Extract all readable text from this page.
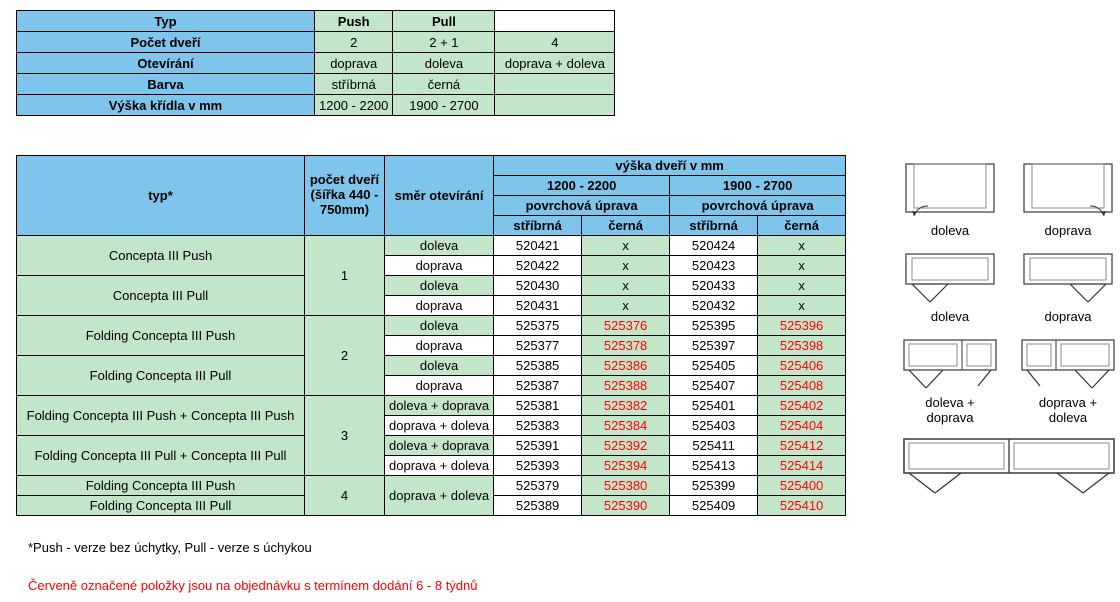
Typ	Push	Pull	
Počet dveří	2	2 + 1	4
Otevírání	doprava	doleva	doprava + doleva
Barva	stříbrná	černá	
Výška křídla v mm	1200 - 2200	1900 - 2700	
typ*	počet dveří (šířka 440 - 750mm)	směr otevírání	výška dveří v mm			
			1200 - 2200		1900 - 2700	
			povrchová úprava		povrchová úprava	
			stříbrná	černá	stříbrná	černá
Concepta III Push	1	doleva	520421	x	520424	x
		doprava	520422	x	520423	x
Concepta III Pull		doleva	520430	x	520433	x
		doprava	520431	x	520432	x
Folding Concepta III Push	2	doleva	525375	525376	525395	525396
		doprava	525377	525378	525397	525398
Folding Concepta III Pull		doleva	525385	525386	525405	525406
		doprava	525387	525388	525407	525408
Folding Concepta III Push + Concepta III Push	3	doleva + doprava	525381	525382	525401	525402
		doprava + doleva	525383	525384	525403	525404
Folding Concepta III Pull + Concepta III Pull		doleva + doprava	525391	525392	525411	525412
		doprava + doleva	525393	525394	525413	525414
Folding Concepta III Push	4	doprava + doleva	525379	525380	525399	525400
Folding Concepta III Pull			525389	525390	525409	525410
doleva	doprava
doleva	doprava
doleva + doprava
doprava + doleva
*Push - verze bez úchytky, Pull - verze s úchykou
Červeně označené položky jsou na objednávku s termínem dodání 6 - 8 týdnů
